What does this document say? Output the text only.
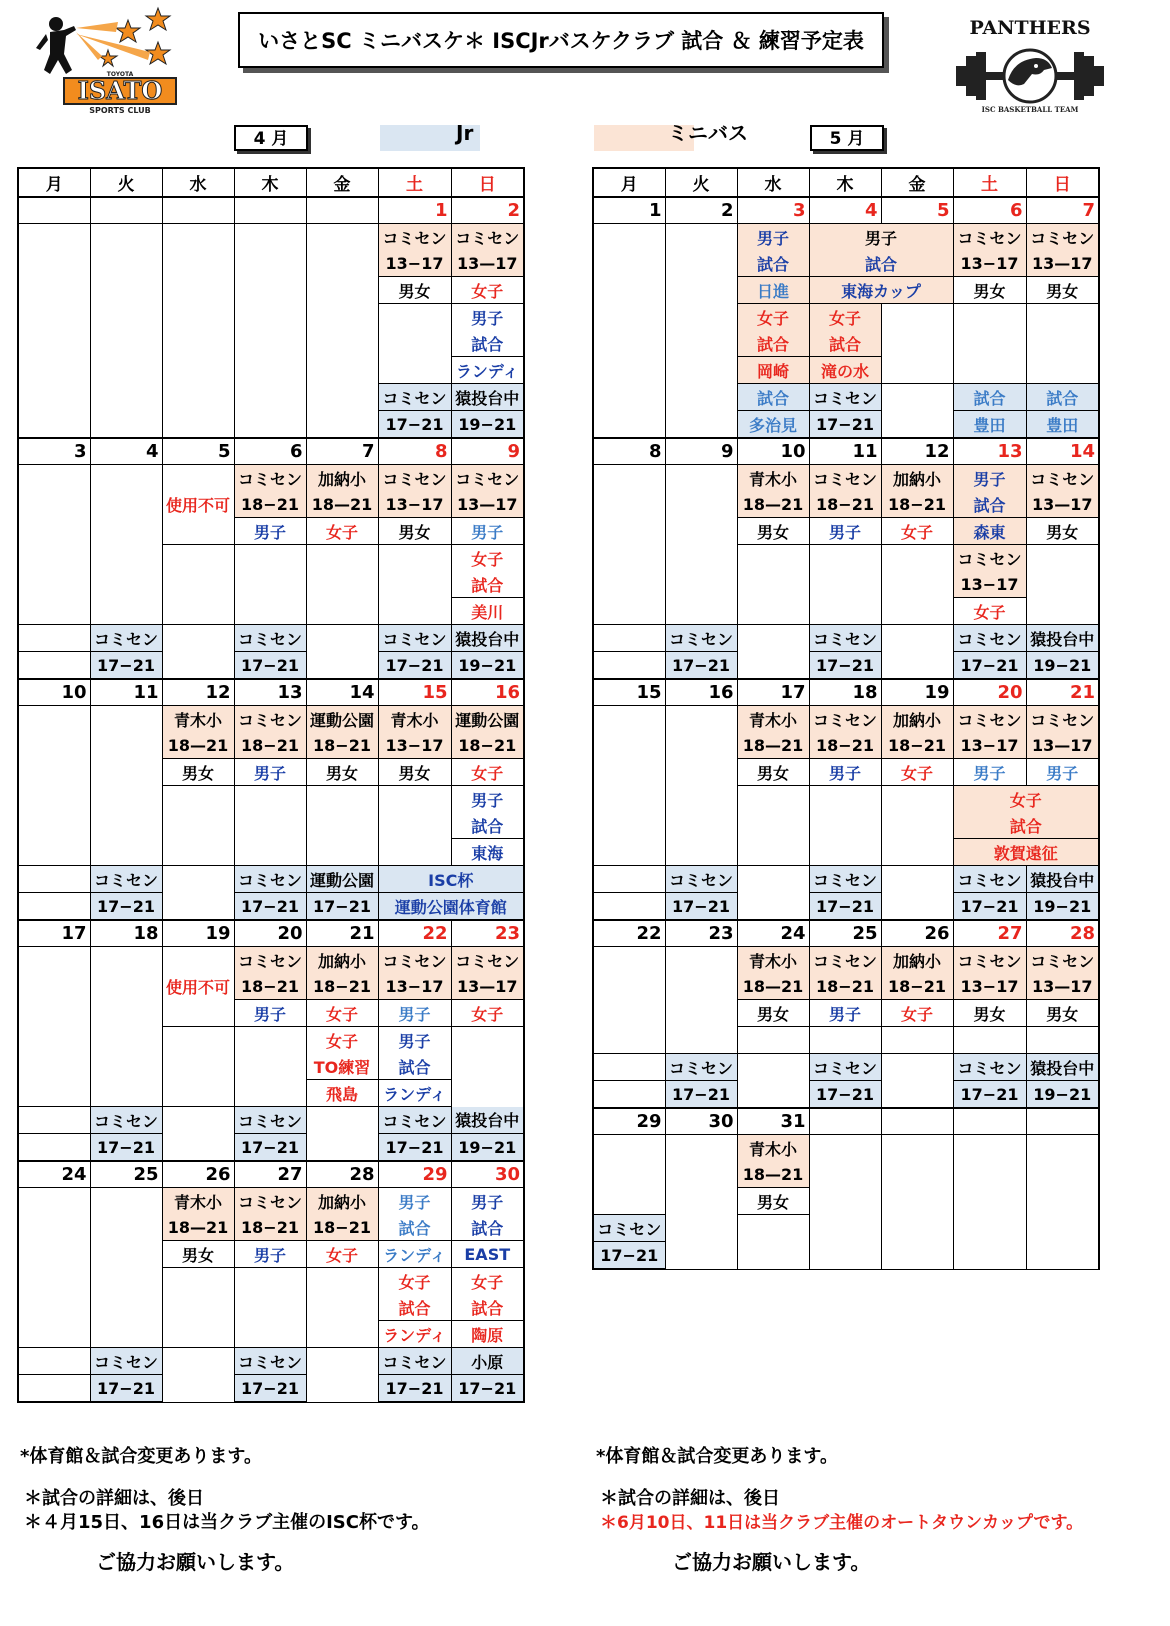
ISATO
SPORTS CLUB
TOYOTA
いさとSC ミニバスケ＊ ISCJrバスケクラブ 試合 ＆ 練習予定表
PANTHERS
ISC BASKETBALL TEAM
4 月	Jr	ミニバス	5 月
月	火	水	木	金	土	日
					1	2
					コミセン	コミセン
					13−17	13—17
					男女	女子
						男子
						試合
						ランディ
					コミセン	猿投台中
					17−21	19−21
3	4	5	6	7	8	9
		使用不可	コミセン	加納小	コミセン	コミセン
			18−21	18—21	13−17	13—17
			男子	女子	男女	男子
						女子
						試合
						美川
	コミセン		コミセン		コミセン	猿投台中
	17−21		17−21		17−21	19−21
10	11	12	13	14	15	16
		青木小	コミセン	運動公園	青木小	運動公園
		18—21	18−21	18−21	13−17	18−21
		男女	男子	男女	男女	女子
						男子
						試合
						東海
	コミセン		コミセン	運動公園	ISC杯	
	17−21		17−21	17−21	運動公園体育館	
17	18	19	20	21	22	23
		使用不可	コミセン	加納小	コミセン	コミセン
			18−21	18−21	13−17	13—17
			男子	女子	男子	女子
				女子	男子	
				TO練習	試合	
				飛島	ランディ	
	コミセン		コミセン		コミセン	猿投台中
	17−21		17−21		17−21	19−21
24	25	26	27	28	29	30
		青木小	コミセン	加納小	男子	男子
		18—21	18−21	18−21	試合	試合
		男女	男子	女子	ランディ	EAST
					女子	女子
					試合	試合
					ランディ	陶原
	コミセン		コミセン		コミセン	小原
	17−21		17−21		17−21	17−21
月	火	水	木	金	土	日
1	2	3	4	5	6	7
		男子	男子		コミセン	コミセン
		試合	試合		13−17	13—17
		日進	東海カップ		男女	男女
		女子	女子			
		試合	試合			
		岡崎	滝の水			
		試合	コミセン		試合	試合
		多治見	17−21		豊田	豊田
8	9	10	11	12	13	14
		青木小	コミセン	加納小	男子	コミセン
		18—21	18−21	18−21	試合	13—17
		男女	男子	女子	森東	男女
					コミセン	
					13−17	
					女子	
	コミセン		コミセン		コミセン	猿投台中
	17−21		17−21		17−21	19−21
15	16	17	18	19	20	21
		青木小	コミセン	加納小	コミセン	コミセン
		18—21	18−21	18−21	13−17	13—17
		男女	男子	女子	男子	男子
					女子	
					試合	
					敦賀遠征	
	コミセン		コミセン		コミセン	猿投台中
	17−21		17−21		17−21	19−21
22	23	24	25	26	27	28
		青木小	コミセン	加納小	コミセン	コミセン
		18—21	18−21	18−21	13−17	13—17
		男女	男子	女子	男女	男女

	コミセン		コミセン		コミセン	猿投台中
	17−21		17−21		17−21	19−21
29	30	31				
		青木小				
		18—21				
		男女				

コミセン						
17−21						
*体育館＆試合変更あります。
＊試合の詳細は、後日
＊４月15日、16日は当クラブ主催のISC杯です。
ご協力お願いします。
*体育館＆試合変更あります。
＊試合の詳細は、後日
＊6月10日、11日は当クラブ主催のオートタウンカップです。
ご協力お願いします。
